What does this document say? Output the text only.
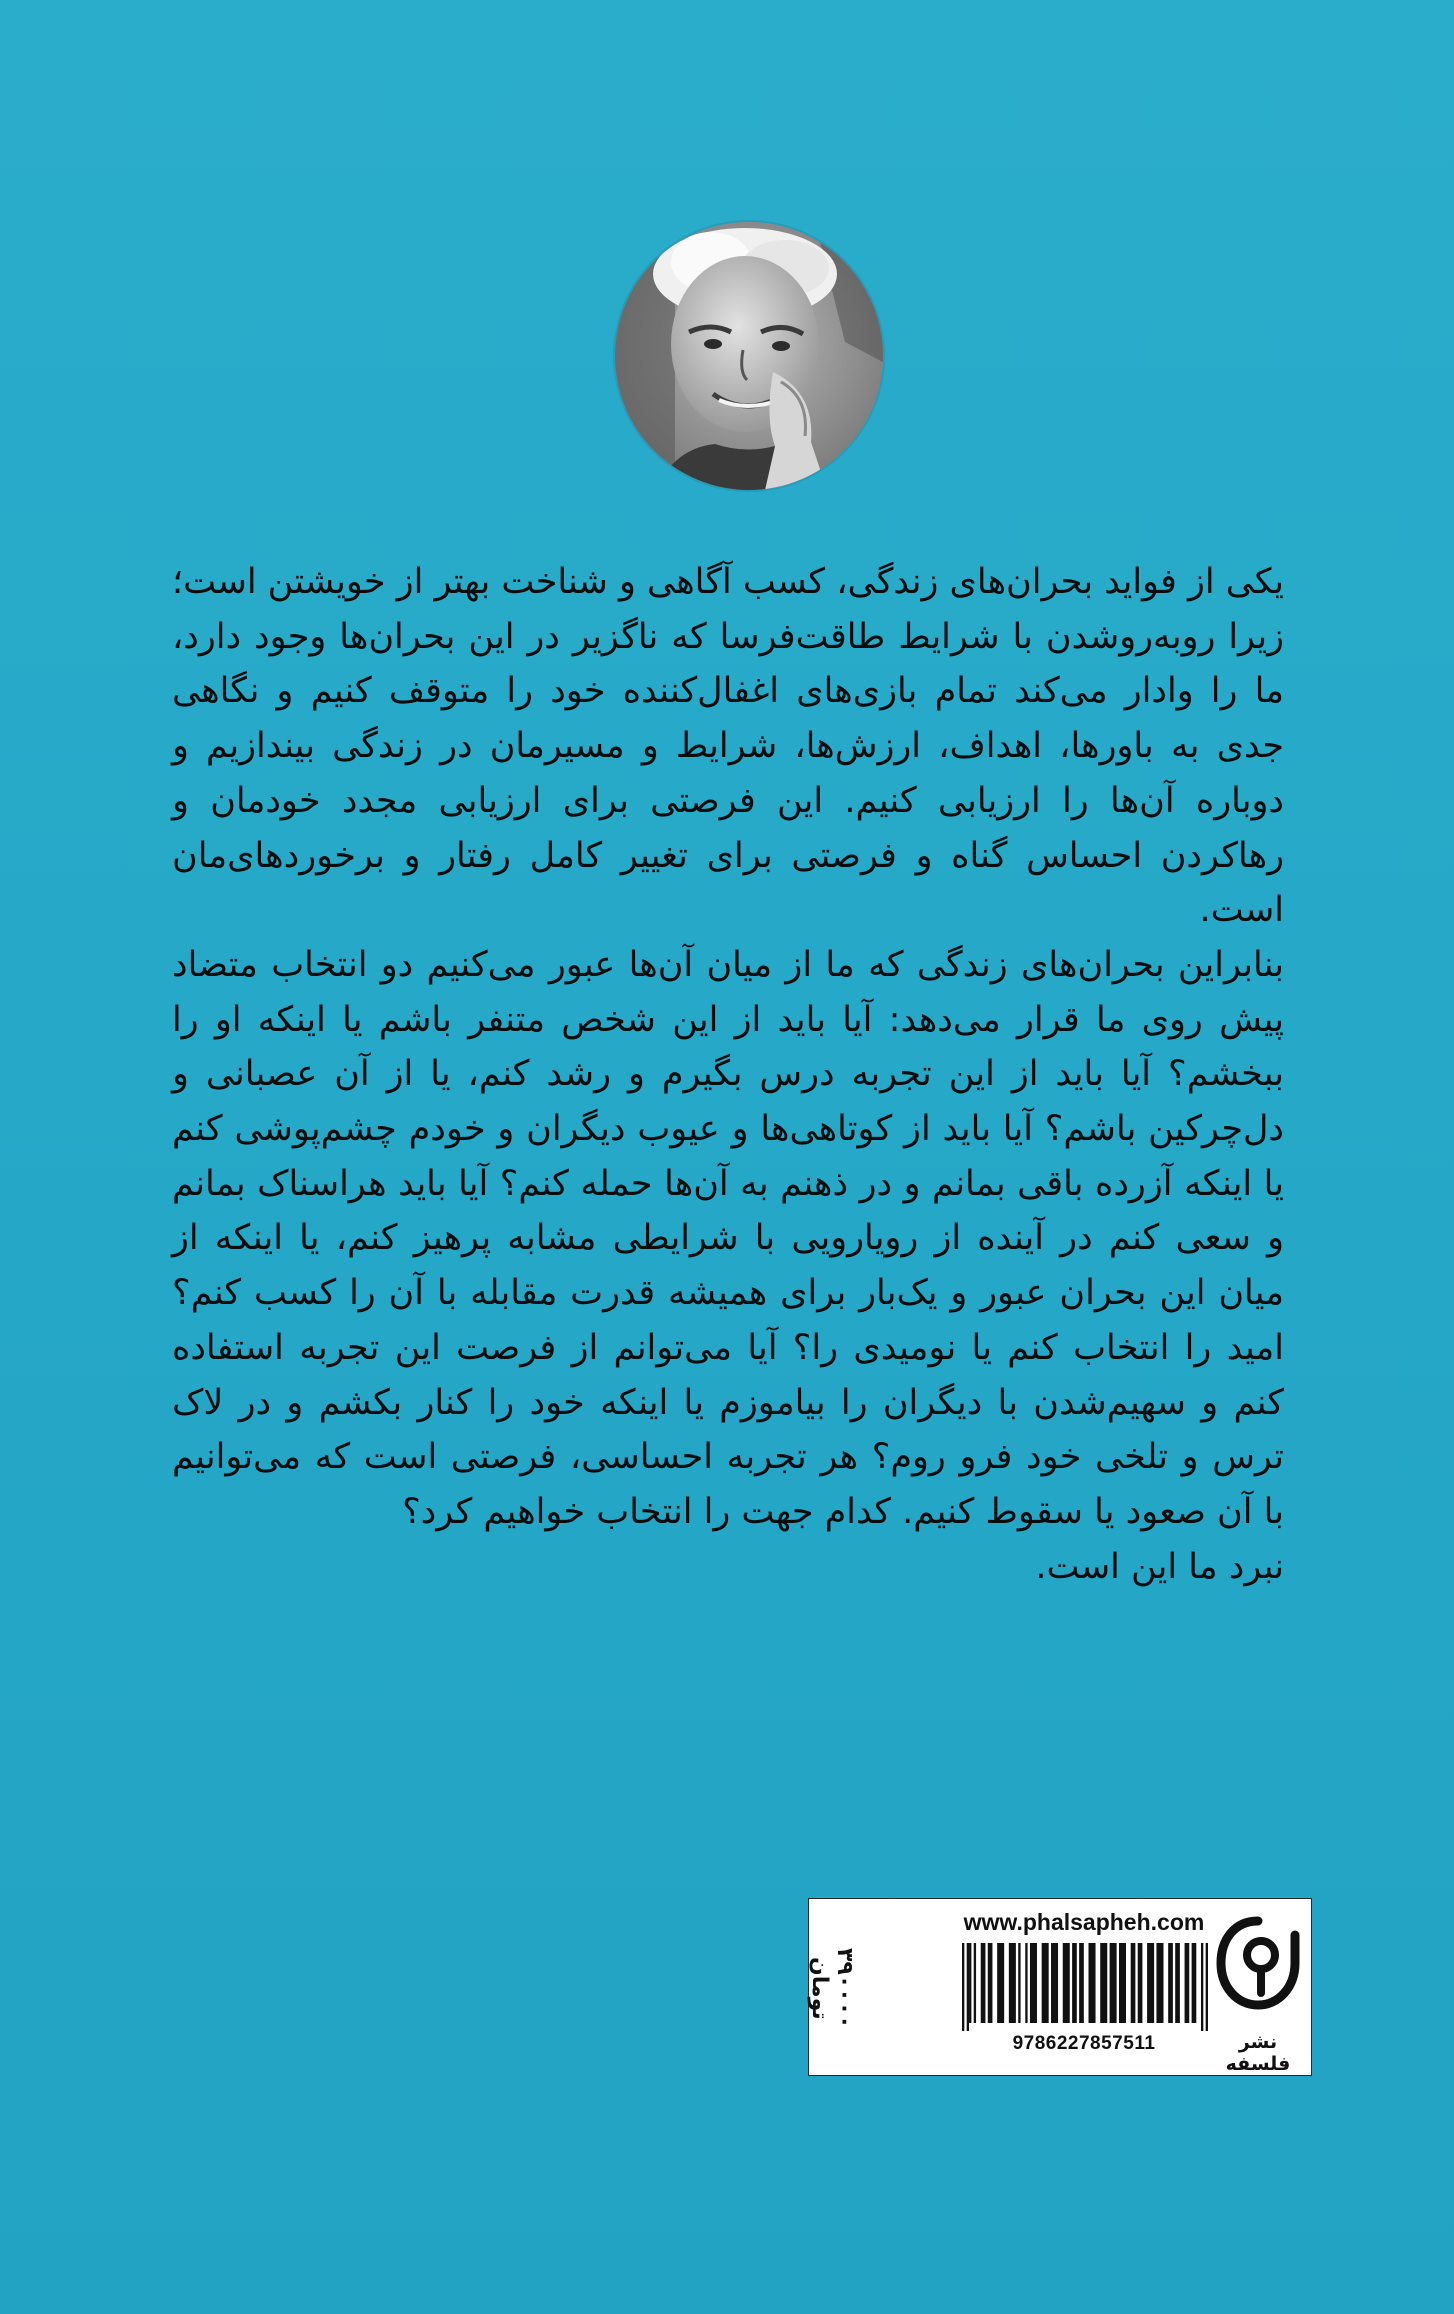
یکی از فواید بحران‌های زندگی، کسب آگاهی و شناخت بهتر از خویشتن است؛ زیرا روبه‌روشدن با شرایط طاقت‌فرسا که ناگزیر در این بحران‌ها وجود دارد، ما را وادار می‌کند تمام بازی‌های اغفال‌کننده خود را متوقف کنیم و نگاهی جدی به باورها، اهداف، ارزش‌ها، شرایط و مسیرمان در زندگی بیندازیم و دوباره آن‌ها را ارزیابی کنیم. این فرصتی برای ارزیابی مجدد خودمان و رهاکردن احساس گناه و فرصتی برای تغییر کامل رفتار و برخوردهای‌مان است.

بنابراین بحران‌های زندگی که ما از میان آن‌ها عبور می‌کنیم دو انتخاب متضاد پیش روی ما قرار می‌دهد: آیا باید از این شخص متنفر باشم یا اینکه او را ببخشم؟ آیا باید از این تجربه درس بگیرم و رشد کنم، یا از آن عصبانی و دل‌چرکین باشم؟ آیا باید از کوتاهی‌ها و عیوب دیگران و خودم چشم‌پوشی کنم یا اینکه آزرده باقی بمانم و در ذهنم به آن‌ها حمله کنم؟ آیا باید هراسناک بمانم و سعی کنم در آینده از رویارویی با شرایطی مشابه پرهیز کنم، یا اینکه از میان این بحران عبور و یک‌بار برای همیشه قدرت مقابله با آن را کسب کنم؟ امید را انتخاب کنم یا نومیدی را؟ آیا می‌توانم از فرصت این تجربه استفاده کنم و سهیم‌شدن با دیگران را بیاموزم یا اینکه خود را کنار بکشم و در لاک ترس و تلخی خود فرو روم؟ هر تجربه احساسی، فرصتی است که می‌توانیم با آن صعود یا سقوط کنیم. کدام جهت را انتخاب خواهیم کرد؟

نبرد ما این است.

۳۹۰۰۰۰ تومان
www.phalsapheh.com
9786227857511	نشر فلسفه
